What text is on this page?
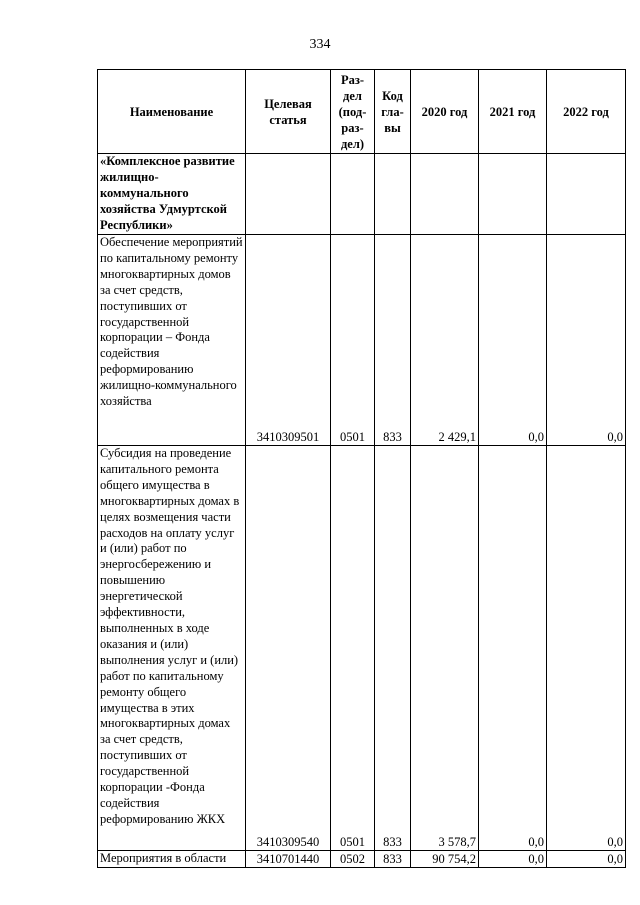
334
Наименование	Целевая статья	Раз-дел (под-раз-дел)	Код гла-вы	2020 год	2021 год	2022 год
«Комплексное развитие жилищно-коммунального хозяйства Удмуртской Республики»						
Обеспечение мероприятий по капитальному ремонту многоквартирных домов за счет средств, поступивших от государственной корпорации – Фонда содействия реформированию жилищно-коммунального хозяйства	3410309501	0501	833	2 429,1	0,0	0,0
Субсидия на проведение капитального ремонта общего имущества в многоквартирных домах в целях возмещения части расходов на оплату услуг и (или) работ по энергосбережению и повышению энергетической эффективности, выполненных в ходе оказания и (или) выполнения услуг и (или) работ по капитальному ремонту общего имущества в этих многоквартирных домах за счет средств, поступивших от государственной корпорации -Фонда содействия реформированию ЖКХ	3410309540	0501	833	3 578,7	0,0	0,0
Мероприятия в области	3410701440	0502	833	90 754,2	0,0	0,0
